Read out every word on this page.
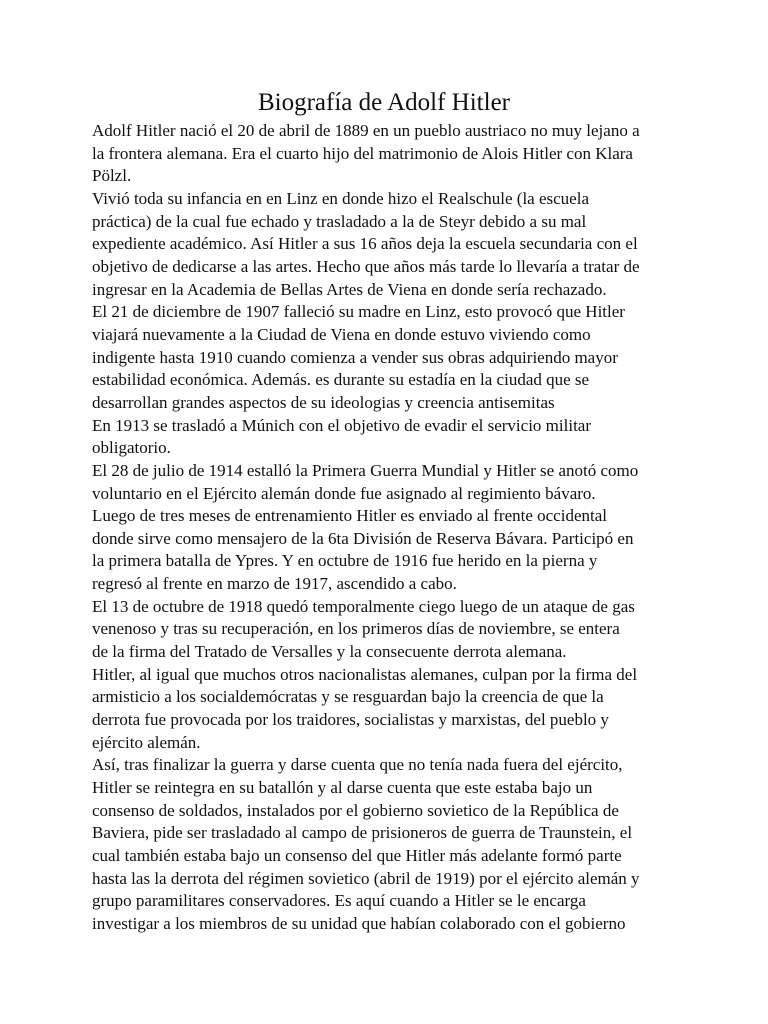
Biografía de Adolf Hitler
Adolf Hitler nació el 20 de abril de 1889 en un pueblo austriaco no muy lejano a
la frontera alemana. Era el cuarto hijo del matrimonio de Alois Hitler con Klara
Pölzl.
Vivió toda su infancia en en Linz en donde hizo el Realschule (la escuela
práctica) de la cual fue echado y trasladado a la de Steyr debido a su mal
expediente académico. Así Hitler a sus 16 años deja la escuela secundaria con el
objetivo de dedicarse a las artes. Hecho que años más tarde lo llevaría a tratar de
ingresar en la Academia de Bellas Artes de Viena en donde sería rechazado.
El 21 de diciembre de 1907 falleció su madre en Linz, esto provocó que Hitler
viajará nuevamente a la Ciudad de Viena en donde estuvo viviendo como
indigente hasta 1910 cuando comienza a vender sus obras adquiriendo mayor
estabilidad económica. Además. es durante su estadía en la ciudad que se
desarrollan grandes aspectos de su ideologias y creencia antisemitas
En 1913 se trasladó a Múnich con el objetivo de evadir el servicio militar
obligatorio.
El 28 de julio de 1914 estalló la Primera Guerra Mundial y Hitler se anotó como
voluntario en el Ejército alemán donde fue asignado al regimiento bávaro.
Luego de tres meses de entrenamiento Hitler es enviado al frente occidental
donde sirve como mensajero de la 6ta División de Reserva Bávara. Participó en
la primera batalla de Ypres. Y en octubre de 1916 fue herido en la pierna y
regresó al frente en marzo de 1917, ascendido a cabo.
El 13 de octubre de 1918 quedó temporalmente ciego luego de un ataque de gas
venenoso y tras su recuperación, en los primeros días de noviembre, se entera
de la firma del Tratado de Versalles y la consecuente derrota alemana.
Hitler, al igual que muchos otros nacionalistas alemanes, culpan por la firma del
armisticio a los socialdemócratas y se resguardan bajo la creencia de que la
derrota fue provocada por los traidores, socialistas y marxistas, del pueblo y
ejército alemán.
Así, tras finalizar la guerra y darse cuenta que no tenía nada fuera del ejército,
Hitler se reintegra en su batallón y al darse cuenta que este estaba bajo un
consenso de soldados, instalados por el gobierno sovietico de la República de
Baviera, pide ser trasladado al campo de prisioneros de guerra de Traunstein, el
cual también estaba bajo un consenso del que Hitler más adelante formó parte
hasta las la derrota del régimen sovietico (abril de 1919) por el ejército alemán y
grupo paramilitares conservadores. Es aquí cuando a Hitler se le encarga
investigar a los miembros de su unidad que habían colaborado con el gobierno
